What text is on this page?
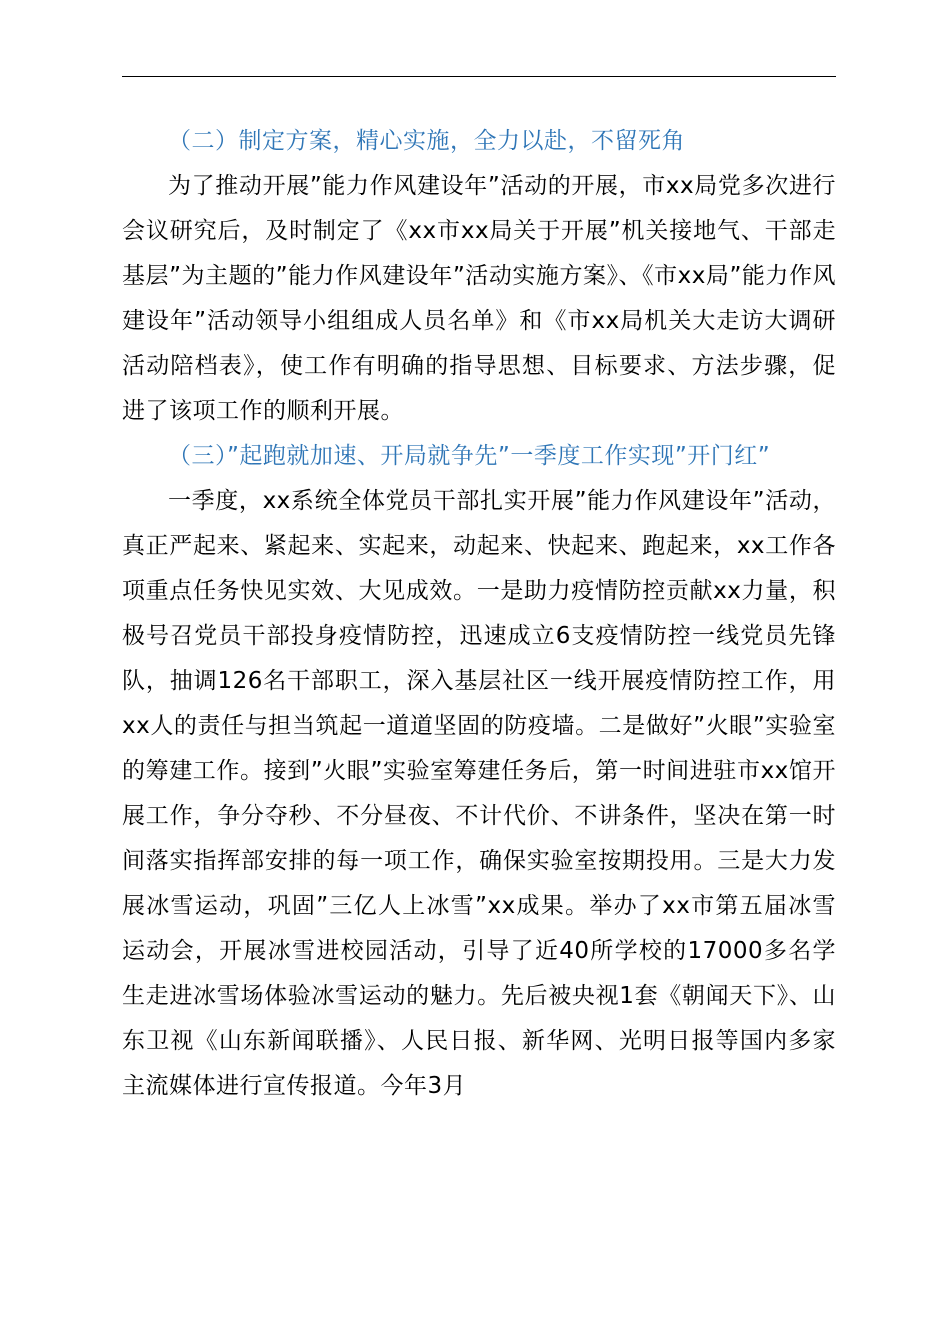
（二）制定方案，精心实施，全力以赴，不留死角

为了推动开展”能力作风建设年”活动的开展，市xx局党多次进行会议研究后，及时制定了《xx市xx局关于开展”机关接地气、干部走基层”为主题的”能力作风建设年”活动实施方案》、《市xx局”能力作风建设年”活动领导小组组成人员名单》和《市xx局机关大走访大调研活动陪档表》，使工作有明确的指导思想、目标要求、方法步骤，促进了该项工作的顺利开展。

（三）”起跑就加速、开局就争先”一季度工作实现”开门红”

一季度，xx系统全体党员干部扎实开展”能力作风建设年”活动，真正严起来、紧起来、实起来，动起来、快起来、跑起来，xx工作各项重点任务快见实效、大见成效。一是助力疫情防控贡献xx力量，积极号召党员干部投身疫情防控，迅速成立6支疫情防控一线党员先锋队，抽调126名干部职工，深入基层社区一线开展疫情防控工作，用xx人的责任与担当筑起一道道坚固的防疫墙。二是做好”火眼”实验室的筹建工作。接到”火眼”实验室筹建任务后，第一时间进驻市xx馆开展工作，争分夺秒、不分昼夜、不计代价、不讲条件，坚决在第一时间落实指挥部安排的每一项工作，确保实验室按期投用。三是大力发展冰雪运动，巩固”三亿人上冰雪”xx成果。举办了xx市第五届冰雪运动会，开展冰雪进校园活动，引导了近40所学校的17000多名学生走进冰雪场体验冰雪运动的魅力。先后被央视1套《朝闻天下》、山东卫视《山东新闻联播》、人民日报、新华网、光明日报等国内多家主流媒体进行宣传报道。今年3月
